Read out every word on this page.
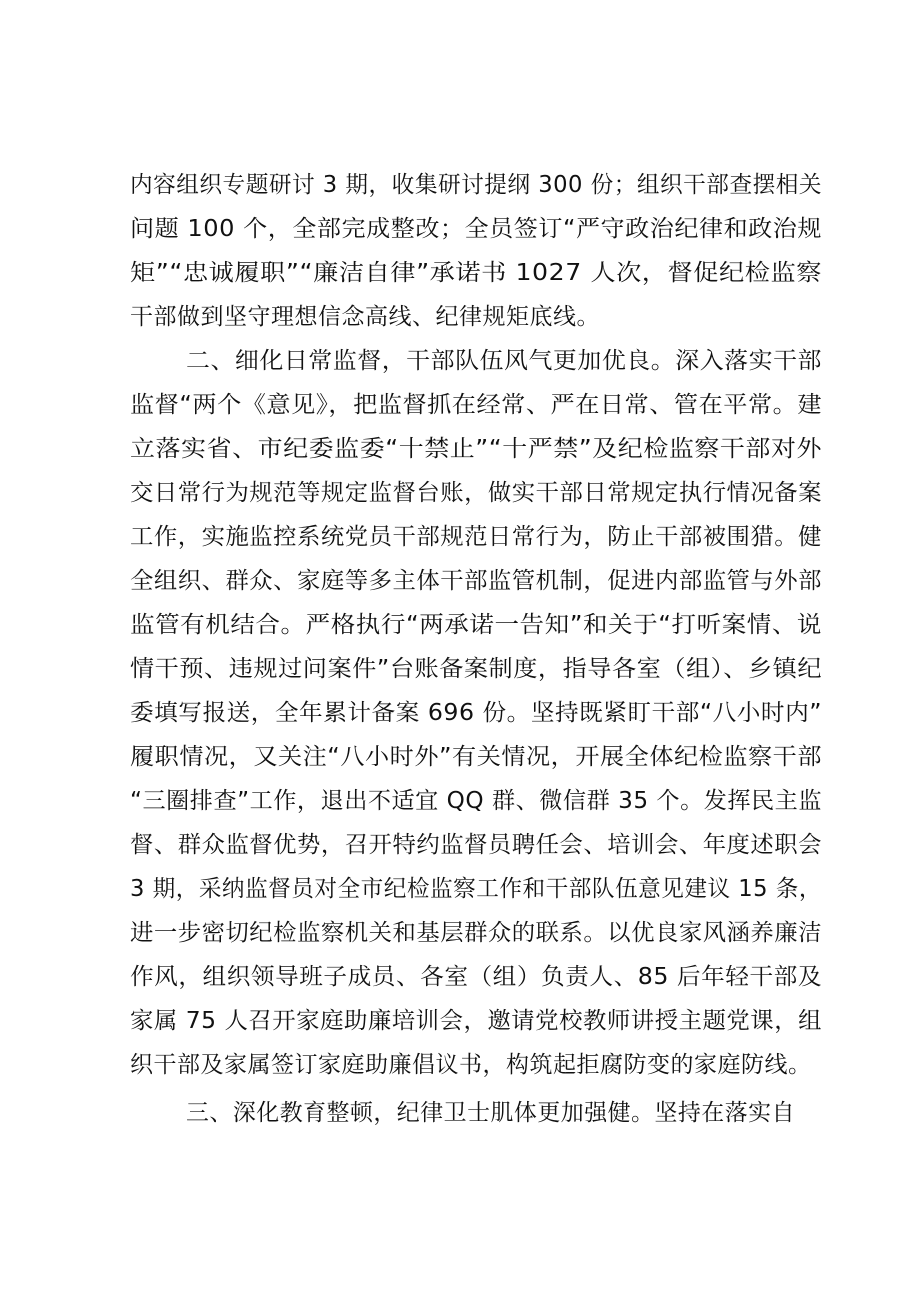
内容组织专题研讨 3 期，收集研讨提纲 300 份；组织干部查摆相关
问题 100 个，全部完成整改；全员签订“严守政治纪律和政治规
矩”“忠诚履职”“廉洁自律”承诺书 1027 人次，督促纪检监察
干部做到坚守理想信念高线、纪律规矩底线。
二、细化日常监督，干部队伍风气更加优良。深入落实干部
监督“两个《意见》，把监督抓在经常、严在日常、管在平常。建
立落实省、市纪委监委“十禁止”“十严禁”及纪检监察干部对外
交日常行为规范等规定监督台账，做实干部日常规定执行情况备案
工作，实施监控系统党员干部规范日常行为，防止干部被围猎。健
全组织、群众、家庭等多主体干部监管机制，促进内部监管与外部
监管有机结合。严格执行“两承诺一告知”和关于“打听案情、说
情干预、违规过问案件”台账备案制度，指导各室（组）、乡镇纪
委填写报送，全年累计备案 696 份。坚持既紧盯干部“八小时内”
履职情况，又关注“八小时外”有关情况，开展全体纪检监察干部
“三圈排查”工作，退出不适宜 QQ 群、微信群 35 个。发挥民主监
督、群众监督优势，召开特约监督员聘任会、培训会、年度述职会
3 期，采纳监督员对全市纪检监察工作和干部队伍意见建议 15 条，
进一步密切纪检监察机关和基层群众的联系。以优良家风涵养廉洁
作风，组织领导班子成员、各室（组）负责人、85 后年轻干部及
家属 75 人召开家庭助廉培训会，邀请党校教师讲授主题党课，组
织干部及家属签订家庭助廉倡议书，构筑起拒腐防变的家庭防线。
三、深化教育整顿，纪律卫士肌体更加强健。坚持在落实自
